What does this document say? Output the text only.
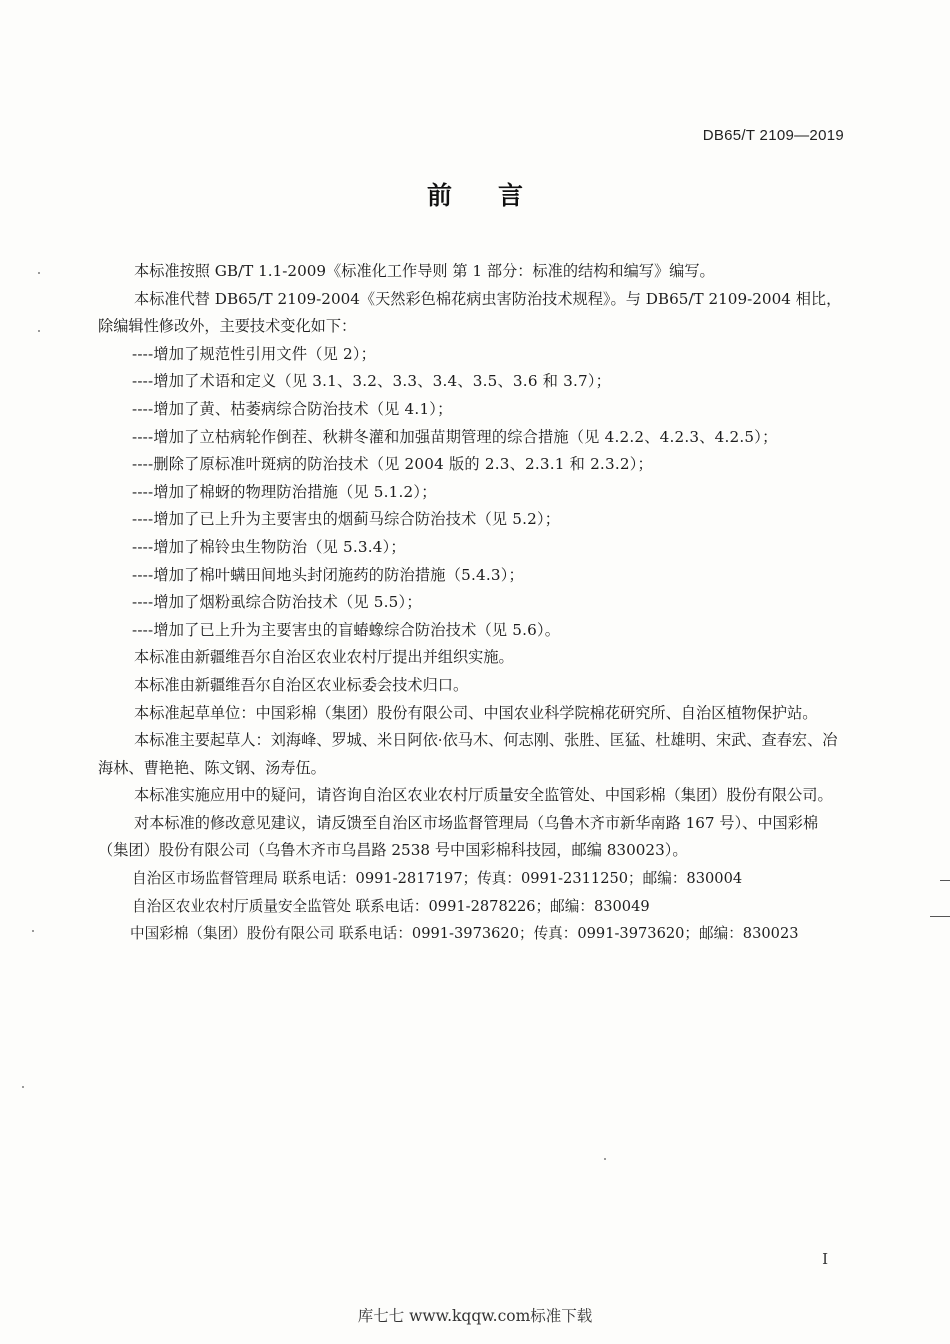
DB65/T 2109—2019
前言

本标准按照 GB/T 1.1-2009《标准化工作导则 第 1 部分：标准的结构和编写》编写。

本标准代替 DB65/T 2109-2004《天然彩色棉花病虫害防治技术规程》。与 DB65/T 2109-2004 相比，除编辑性修改外，主要技术变化如下：

----增加了规范性引用文件（见 2）；

----增加了术语和定义（见 3.1、3.2、3.3、3.4、3.5、3.6 和 3.7）；

----增加了黄、枯萎病综合防治技术（见 4.1）；

----增加了立枯病轮作倒茬、秋耕冬灌和加强苗期管理的综合措施（见 4.2.2、4.2.3、4.2.5）；

----删除了原标准叶斑病的防治技术（见 2004 版的 2.3、2.3.1 和 2.3.2）；

----增加了棉蚜的物理防治措施（见 5.1.2）；

----增加了已上升为主要害虫的烟蓟马综合防治技术（见 5.2）；

----增加了棉铃虫生物防治（见 5.3.4）；

----增加了棉叶螨田间地头封闭施药的防治措施（5.4.3）；

----增加了烟粉虱综合防治技术（见 5.5）；

----增加了已上升为主要害虫的盲蝽蟓综合防治技术（见 5.6）。

本标准由新疆维吾尔自治区农业农村厅提出并组织实施。

本标准由新疆维吾尔自治区农业标委会技术归口。

本标准起草单位：中国彩棉（集团）股份有限公司、中国农业科学院棉花研究所、自治区植物保护站。

本标准主要起草人：刘海峰、罗城、米日阿依·依马木、何志刚、张胜、匡猛、杜雄明、宋武、查春宏、冶海林、曹艳艳、陈文钢、汤寿伍。

本标准实施应用中的疑问，请咨询自治区农业农村厅质量安全监管处、中国彩棉（集团）股份有限公司。

对本标准的修改意见建议，请反馈至自治区市场监督管理局（乌鲁木齐市新华南路 167 号）、中国彩棉（集团）股份有限公司（乌鲁木齐市乌昌路 2538 号中国彩棉科技园，邮编 830023）。

自治区市场监督管理局 联系电话：0991-2817197；传真：0991-2311250；邮编：830004

自治区农业农村厅质量安全监管处 联系电话：0991-2878226；邮编：830049

中国彩棉（集团）股份有限公司 联系电话：0991-3973620；传真：0991-3973620；邮编：830023

I
库七七 www.kqqw.com标准下载
